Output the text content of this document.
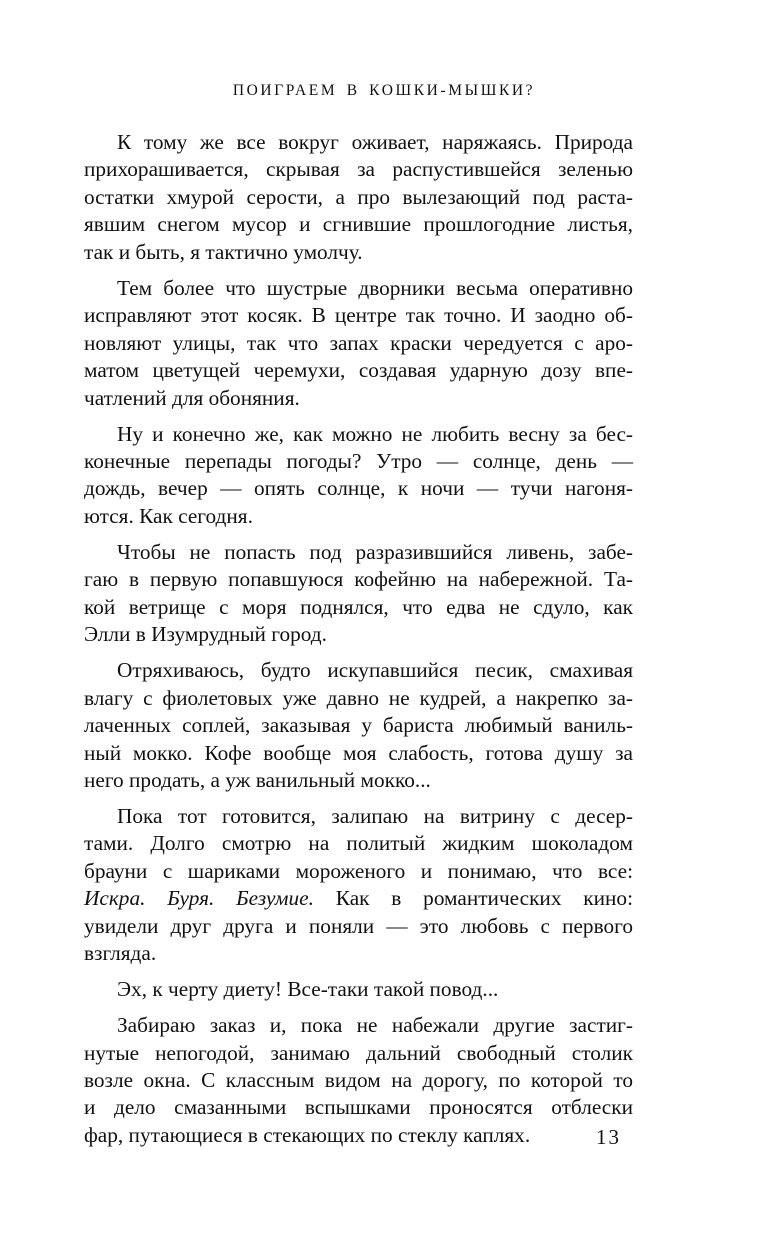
ПОИГРАЕМ В КОШКИ-МЫШКИ?

К тому же все вокруг оживает, наряжаясь. Природа
прихорашивается, скрывая за распустившейся зеленью
остатки хмурой серости, а про вылезающий под раста-
явшим снегом мусор и сгнившие прошлогодние листья,
так и быть, я тактично умолчу.

Тем более что шустрые дворники весьма оперативно
исправляют этот косяк. В центре так точно. И заодно об-
новляют улицы, так что запах краски чередуется с аро-
матом цветущей черемухи, создавая ударную дозу впе-
чатлений для обоняния.

Ну и конечно же, как можно не любить весну за бес-
конечные перепады погоды? Утро — солнце, день —
дождь, вечер — опять солнце, к ночи — тучи нагоня-
ются. Как сегодня.

Чтобы не попасть под разразившийся ливень, забе-
гаю в первую попавшуюся кофейню на набережной. Та-
кой ветрище с моря поднялся, что едва не сдуло, как
Элли в Изумрудный город.

Отряхиваюсь, будто искупавшийся песик, смахивая
влагу с фиолетовых уже давно не кудрей, а накрепко за-
лаченных соплей, заказывая у бариста любимый ваниль-
ный мокко. Кофе вообще моя слабость, готова душу за
него продать, а уж ванильный мокко...

Пока тот готовится, залипаю на витрину с десер-
тами. Долго смотрю на политый жидким шоколадом
брауни с шариками мороженого и понимаю, что все:
Искра. Буря. Безумие. Как в романтических кино:
увидели друг друга и поняли — это любовь с первого
взгляда.

Эх, к черту диету! Все-таки такой повод...

Забираю заказ и, пока не набежали другие застиг-
нутые непогодой, занимаю дальний свободный столик
возле окна. С классным видом на дорогу, по которой то
и дело смазанными вспышками проносятся отблески
фар, путающиеся в стекающих по стеклу каплях.	13
